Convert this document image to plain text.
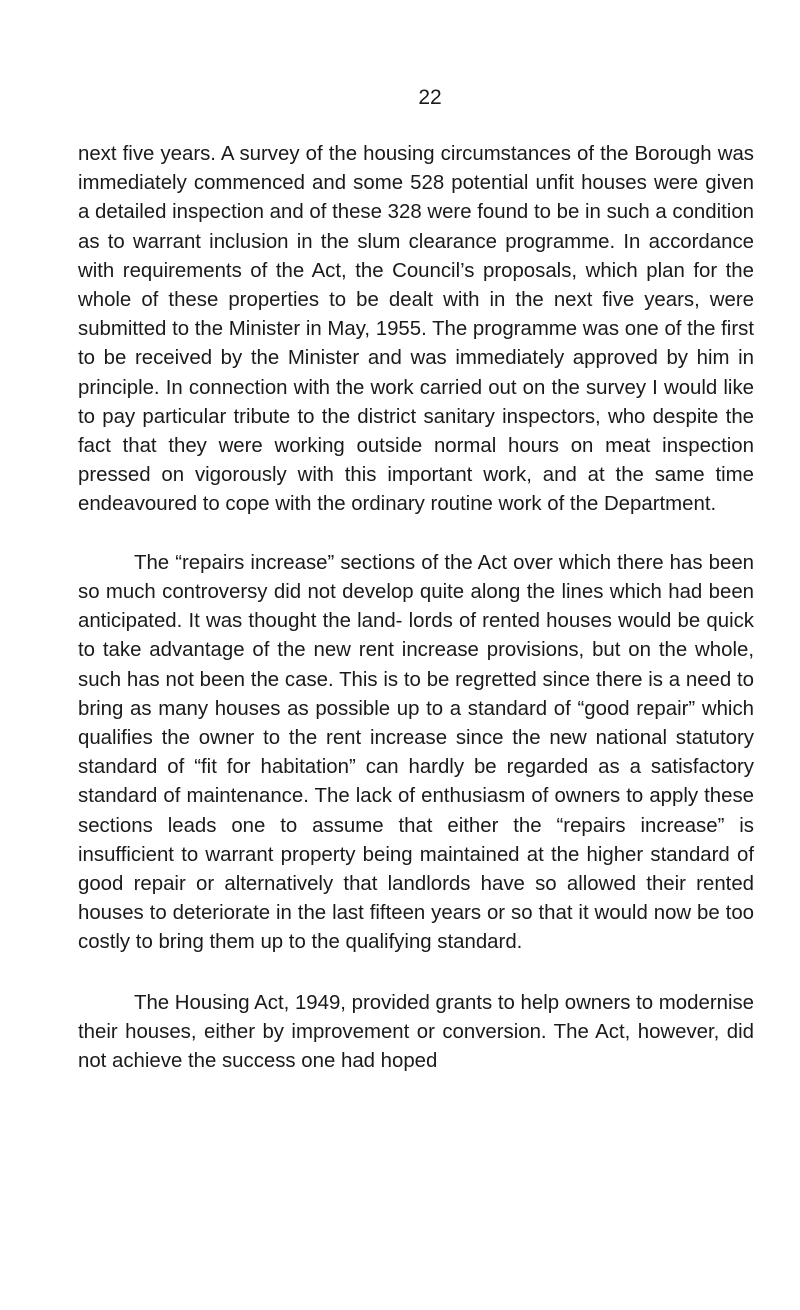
22

next five years. A survey of the housing circumstances of the Borough was immediately commenced and some 528 potential unfit houses were given a detailed inspection and of these 328 were found to be in such a condition as to warrant inclusion in the slum clearance programme. In accordance with requirements of the Act, the Council’s proposals, which plan for the whole of these properties to be dealt with in the next five years, were submitted to the Minister in May, 1955. The programme was one of the first to be received by the Minister and was immediately approved by him in principle. In connection with the work carried out on the survey I would like to pay particular tribute to the district sanitary inspectors, who despite the fact that they were working outside normal hours on meat inspection pressed on vigorously with this important work, and at the same time endeavoured to cope with the ordinary routine work of the Department.

The “repairs increase” sections of the Act over which there has been so much controversy did not develop quite along the lines which had been anticipated. It was thought the land- lords of rented houses would be quick to take advantage of the new rent increase provisions, but on the whole, such has not been the case. This is to be regretted since there is a need to bring as many houses as possible up to a standard of “good repair” which qualifies the owner to the rent increase since the new national statutory standard of “fit for habitation” can hardly be regarded as a satisfactory standard of maintenance. The lack of enthusiasm of owners to apply these sections leads one to assume that either the “repairs increase” is insufficient to warrant property being maintained at the higher standard of good repair or alternatively that landlords have so allowed their rented houses to deteriorate in the last fifteen years or so that it would now be too costly to bring them up to the qualifying standard.

The Housing Act, 1949, provided grants to help owners to modernise their houses, either by improvement or conversion. The Act, however, did not achieve the success one had hoped
